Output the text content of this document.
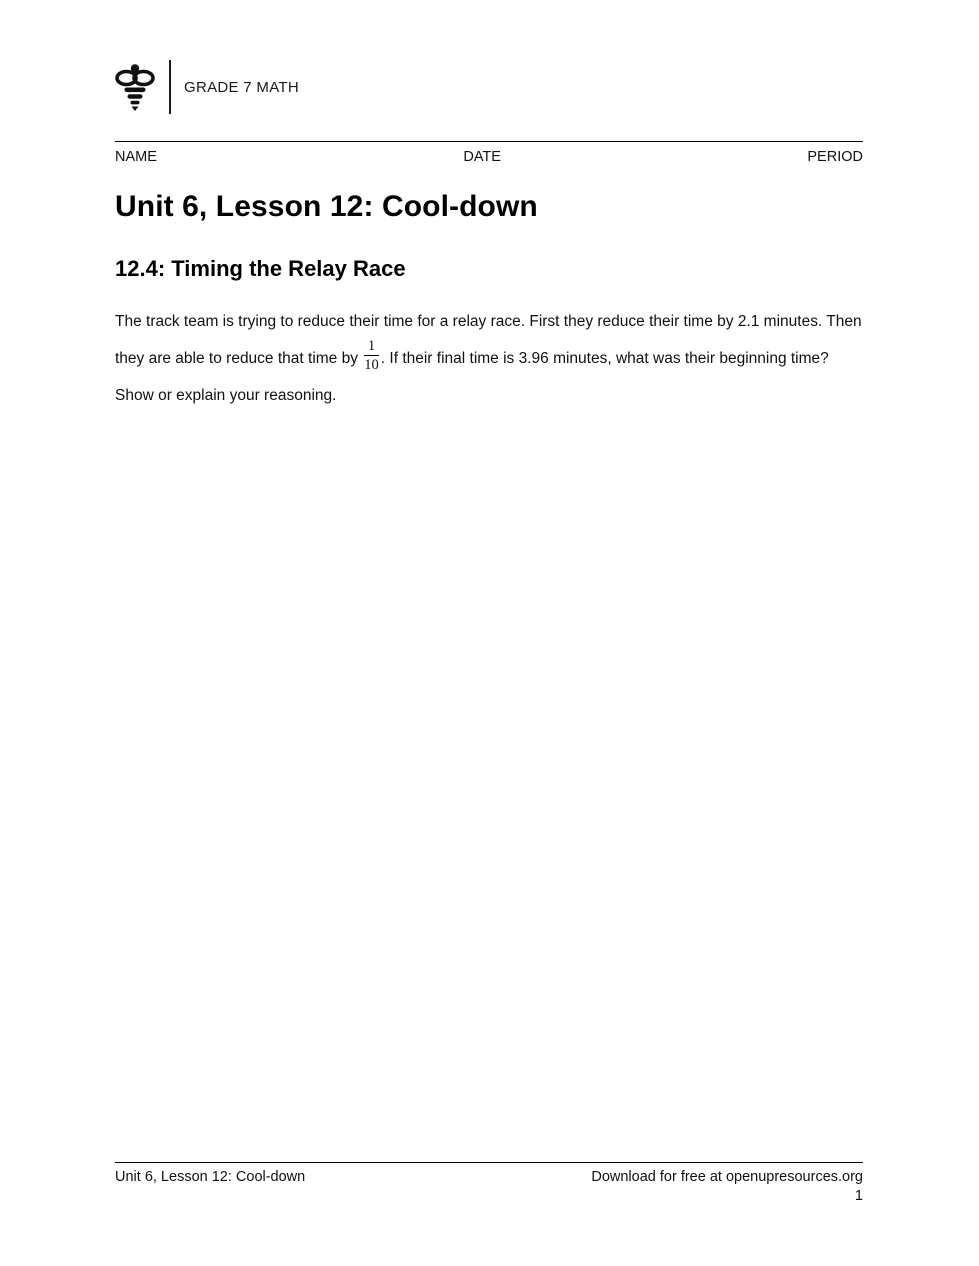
GRADE 7 MATH
NAME	DATE	PERIOD
Unit 6, Lesson 12: Cool-down
12.4: Timing the Relay Race

The track team is trying to reduce their time for a relay race. First they reduce their time by 2.1 minutes. Then they are able to reduce that time by $\frac{1}{10}$ . If their final time is 3.96 minutes, what was their beginning time? Show or explain your reasoning.

Unit 6, Lesson 12: Cool-down	Download for free at openupresources.org
1
